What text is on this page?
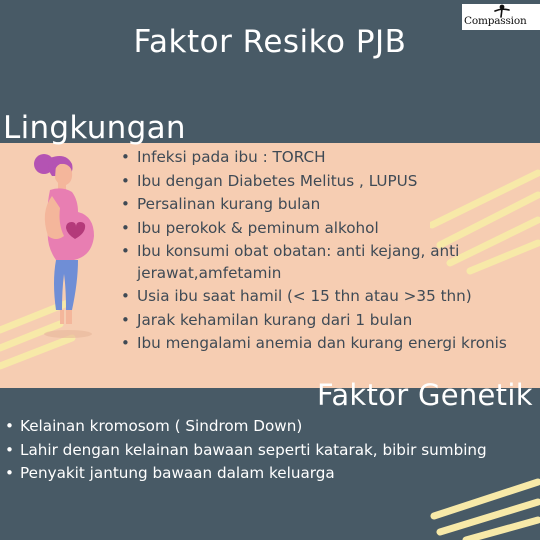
Compassion
Faktor Resiko PJB
Lingkungan
• Infeksi pada ibu : TORCH
• Ibu dengan Diabetes Melitus , LUPUS
• Persalinan kurang bulan
• Ibu perokok & peminum alkohol
• Ibu konsumi obat obatan: anti kejang, anti jerawat,amfetamin
• Usia ibu saat hamil (< 15 thn atau >35 thn)
• Jarak kehamilan kurang dari 1 bulan
• Ibu mengalami anemia dan kurang energi kronis
Faktor Genetik
• Kelainan kromosom ( Sindrom Down)
• Lahir dengan kelainan bawaan seperti katarak, bibir sumbing
• Penyakit jantung bawaan dalam keluarga
